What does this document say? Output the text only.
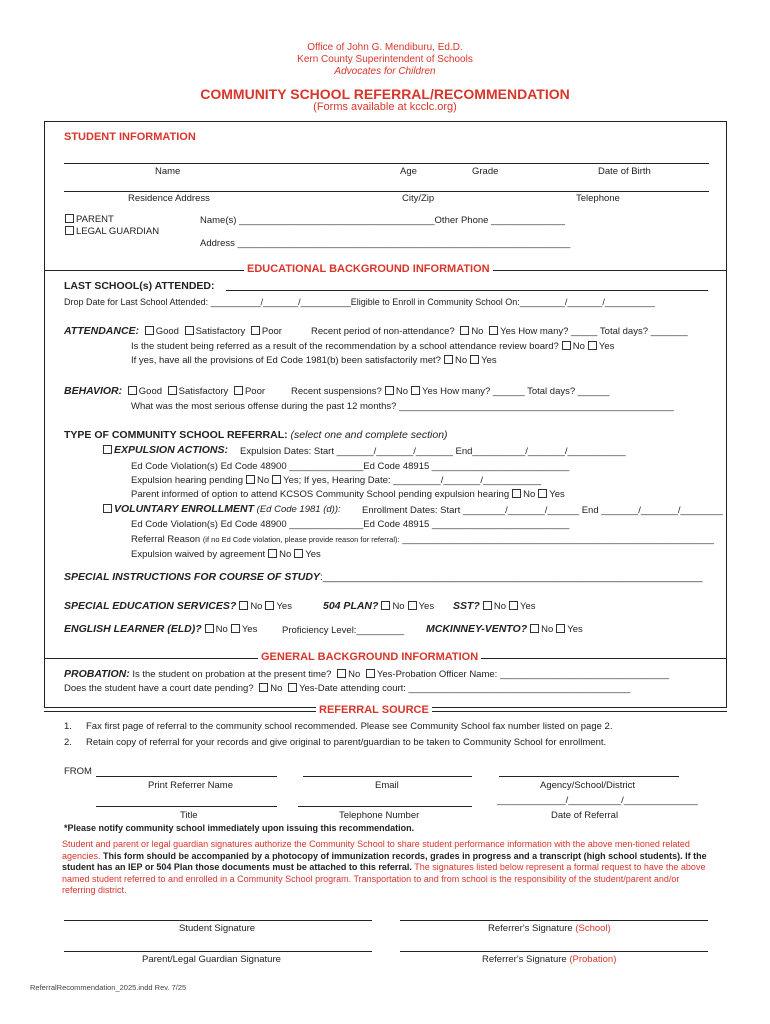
Office of John G. Mendiburu, Ed.D.
Kern County Superintendent of Schools
Advocates for Children
COMMUNITY SCHOOL REFERRAL/RECOMMENDATION
(Forms available at kcclc.org)
STUDENT INFORMATION
Name	Age	Grade	Date of Birth
Residence Address	City/Zip	Telephone
PARENT
LEGAL GUARDIAN
Name(s) _____________________________________Other Phone ______________
Address _______________________________________________________________
EDUCATIONAL BACKGROUND INFORMATION
LAST SCHOOL(s) ATTENDED:
Drop Date for Last School Attended: __________/_______/__________Eligible to Enroll in Community School On:_________/_______/__________
ATTENDANCE: Good Satisfactory Poor	Recent period of non-attendance? No Yes How many? _____ Total days? _______
Is the student being referred as a result of the recommendation by a school attendance review board? No Yes
If yes, have all the provisions of Ed Code 1981(b) been satisfactorily met? No Yes
BEHAVIOR: Good Satisfactory Poor	Recent suspensions? No Yes How many? ______ Total days? ______
What was the most serious offense during the past 12 months? ____________________________________________________
TYPE OF COMMUNITY SCHOOL REFERRAL: (select one and complete section)
EXPULSION ACTIONS: Expulsion Dates: Start _______/_______/_______ End__________/_______/___________
Ed Code Violation(s) Ed Code 48900 ______________Ed Code 48915 __________________________
Expulsion hearing pending No Yes; If yes, Hearing Date: _________/_______/___________
Parent informed of option to attend KCSOS Community School pending expulsion hearing No Yes
VOLUNTARY ENROLLMENT (Ed Code 1981 (d)): Enrollment Dates: Start ________/_______/______ End _______/_______/________
Ed Code Violation(s) Ed Code 48900 ______________Ed Code 48915 __________________________
Referral Reason (if no Ed Code violation, please provide reason for referral): ___________________________________________________________
Expulsion waived by agreement No Yes
SPECIAL INSTRUCTIONS FOR COURSE OF STUDY:_________________________________________________________________
SPECIAL EDUCATION SERVICES? No Yes	504 PLAN? No Yes SST? No Yes
ENGLISH LEARNER (ELD)? No Yes	Proficiency Level:_________ MCKINNEY-VENTO? No Yes
GENERAL BACKGROUND INFORMATION
PROBATION: Is the student on probation at the present time? No Yes-Probation Officer Name: ________________________________
Does the student have a court date pending? No Yes-Date attending court: __________________________________________
REFERRAL SOURCE
1. Fax first page of referral to the community school recommended. Please see Community School fax number listed on page 2.
2. Retain copy of referral for your records and give original to parent/guardian to be taken to Community School for enrollment.
FROM
Print Referrer Name	Email	Agency/School/District
_____________/__________/______________
Title	Telephone Number	Date of Referral
*Please notify community school immediately upon issuing this recommendation.
Student and parent or legal guardian signatures authorize the Community School to share student performance information with the above men-tioned related agencies. This form should be accompanied by a photocopy of immunization records, grades in progress and a transcript (high school students). If the student has an IEP or 504 Plan those documents must be attached to this referral. The signatures listed below represent a formal request to have the above named student referred to and enrolled in a Community School program. Transportation to and from school is the responsibility of the student/parent and/or referring district.
Student Signature	Referrer's Signature (School)
Parent/Legal Guardian Signature	Referrer's Signature (Probation)
ReferralRecommendation_2025.indd Rev. 7/25
